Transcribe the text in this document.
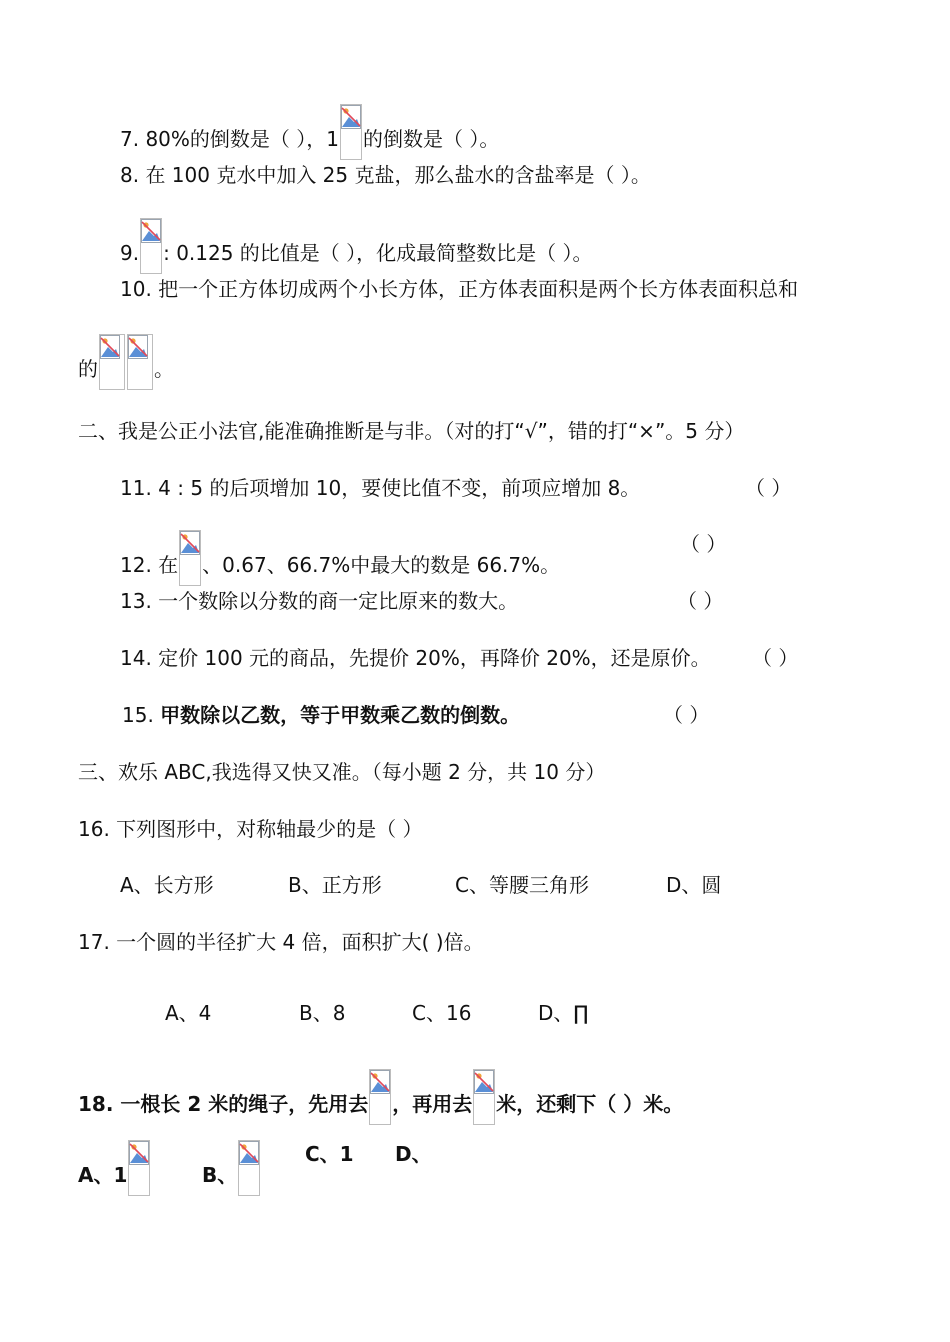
7. 80%的倒数是（ ），1 的倒数是（ ）。
8. 在 100 克水中加入 25 克盐，那么盐水的含盐率是（ ）。
9. : 0.125 的比值是（ ），化成最简整数比是（ ）。
10. 把一个正方体切成两个小长方体，正方体表面积是两个长方体表面积总和
的	。
二、我是公正小法官,能准确推断是与非。（对的打“√”，错的打“×”。5 分）
11. 4 : 5 的后项增加 10，要使比值不变，前项应增加 8。	（ ）
12. 在 、0.67、66.7%中最大的数是 66.7%。
（ ）
13. 一个数除以分数的商一定比原来的数大。	（ ）
14. 定价 100 元的商品，先提价 20%，再降价 20%，还是原价。 （ ）
15. 甲数除以乙数，等于甲数乘乙数的倒数。	（ ）
三、欢乐 ABC,我选得又快又准。（每小题 2 分，共 10 分）
16. 下列图形中，对称轴最少的是（ ）
A、长方形	B、正方形	C、等腰三角形	D、圆
17. 一个圆的半径扩大 4 倍，面积扩大( )倍。
A、4	B、8	C、16	D、∏
18. 一根长 2 米的绳子，先用去 ，再用去 米，还剩下（ ）米。
A、1	B、
C、1 D、
